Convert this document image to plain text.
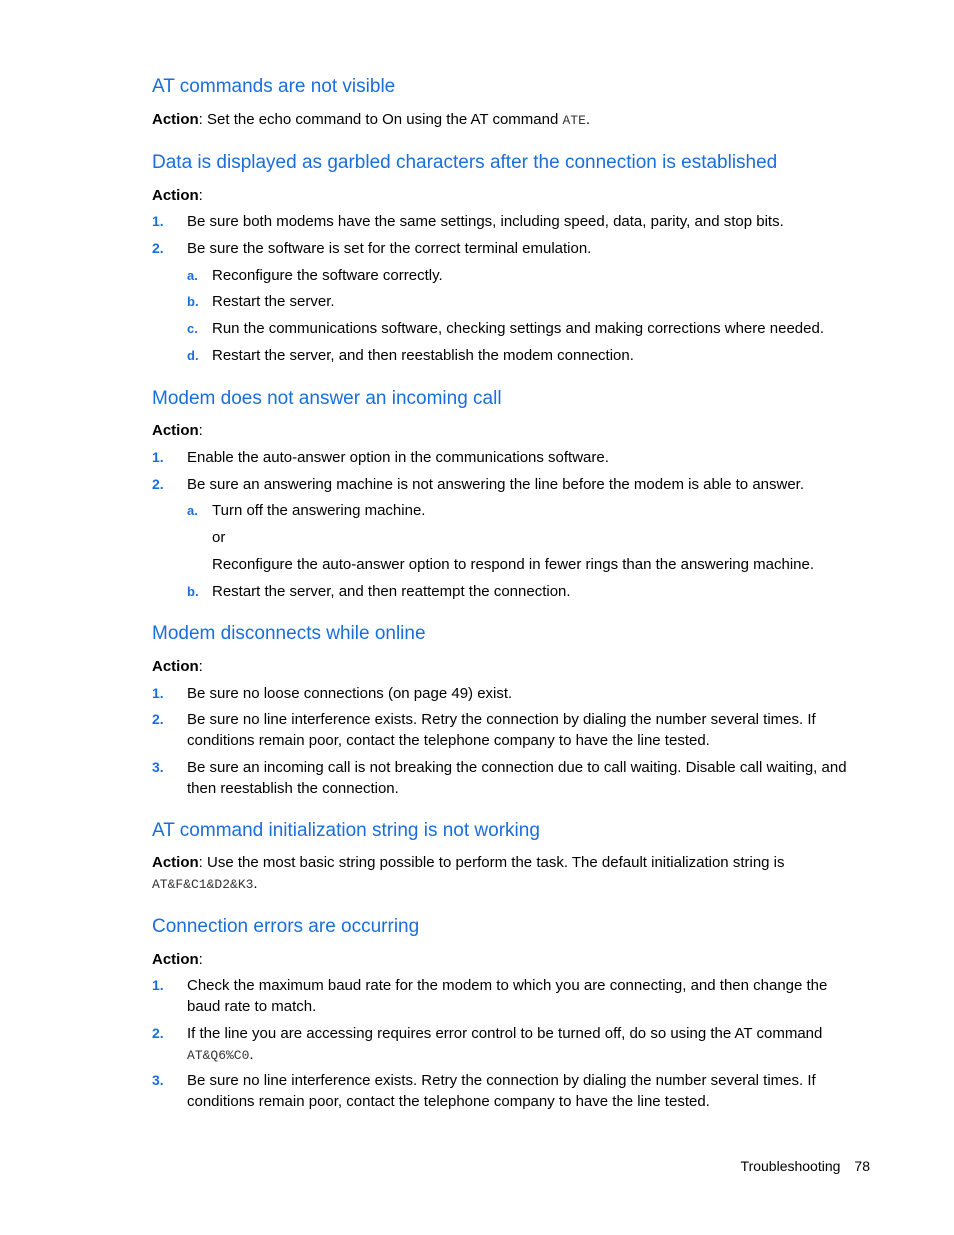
AT commands are not visible

Action: Set the echo command to On using the AT command ATE.

Data is displayed as garbled characters after the connection is established

Action:

1. Be sure both modems have the same settings, including speed, data, parity, and stop bits.
2. Be sure the software is set for the correct terminal emulation.
a. Reconfigure the software correctly.
b. Restart the server.
c. Run the communications software, checking settings and making corrections where needed.
d. Restart the server, and then reestablish the modem connection.
Modem does not answer an incoming call

Action:

1. Enable the auto-answer option in the communications software.
2. Be sure an answering machine is not answering the line before the modem is able to answer.
a. Turn off the answering machine.
or
Reconfigure the auto-answer option to respond in fewer rings than the answering machine.
b. Restart the server, and then reattempt the connection.
Modem disconnects while online

Action:

1. Be sure no loose connections (on page 49) exist.
2. Be sure no line interference exists. Retry the connection by dialing the number several times. If conditions remain poor, contact the telephone company to have the line tested.
3. Be sure an incoming call is not breaking the connection due to call waiting. Disable call waiting, and then reestablish the connection.
AT command initialization string is not working

Action: Use the most basic string possible to perform the task. The default initialization string is
AT&F&C1&D2&K3.

Connection errors are occurring

Action:

1. Check the maximum baud rate for the modem to which you are connecting, and then change the baud rate to match.
2. If the line you are accessing requires error control to be turned off, do so using the AT command
AT&Q6%C0.
3. Be sure no line interference exists. Retry the connection by dialing the number several times. If conditions remain poor, contact the telephone company to have the line tested.
Troubleshooting 78
